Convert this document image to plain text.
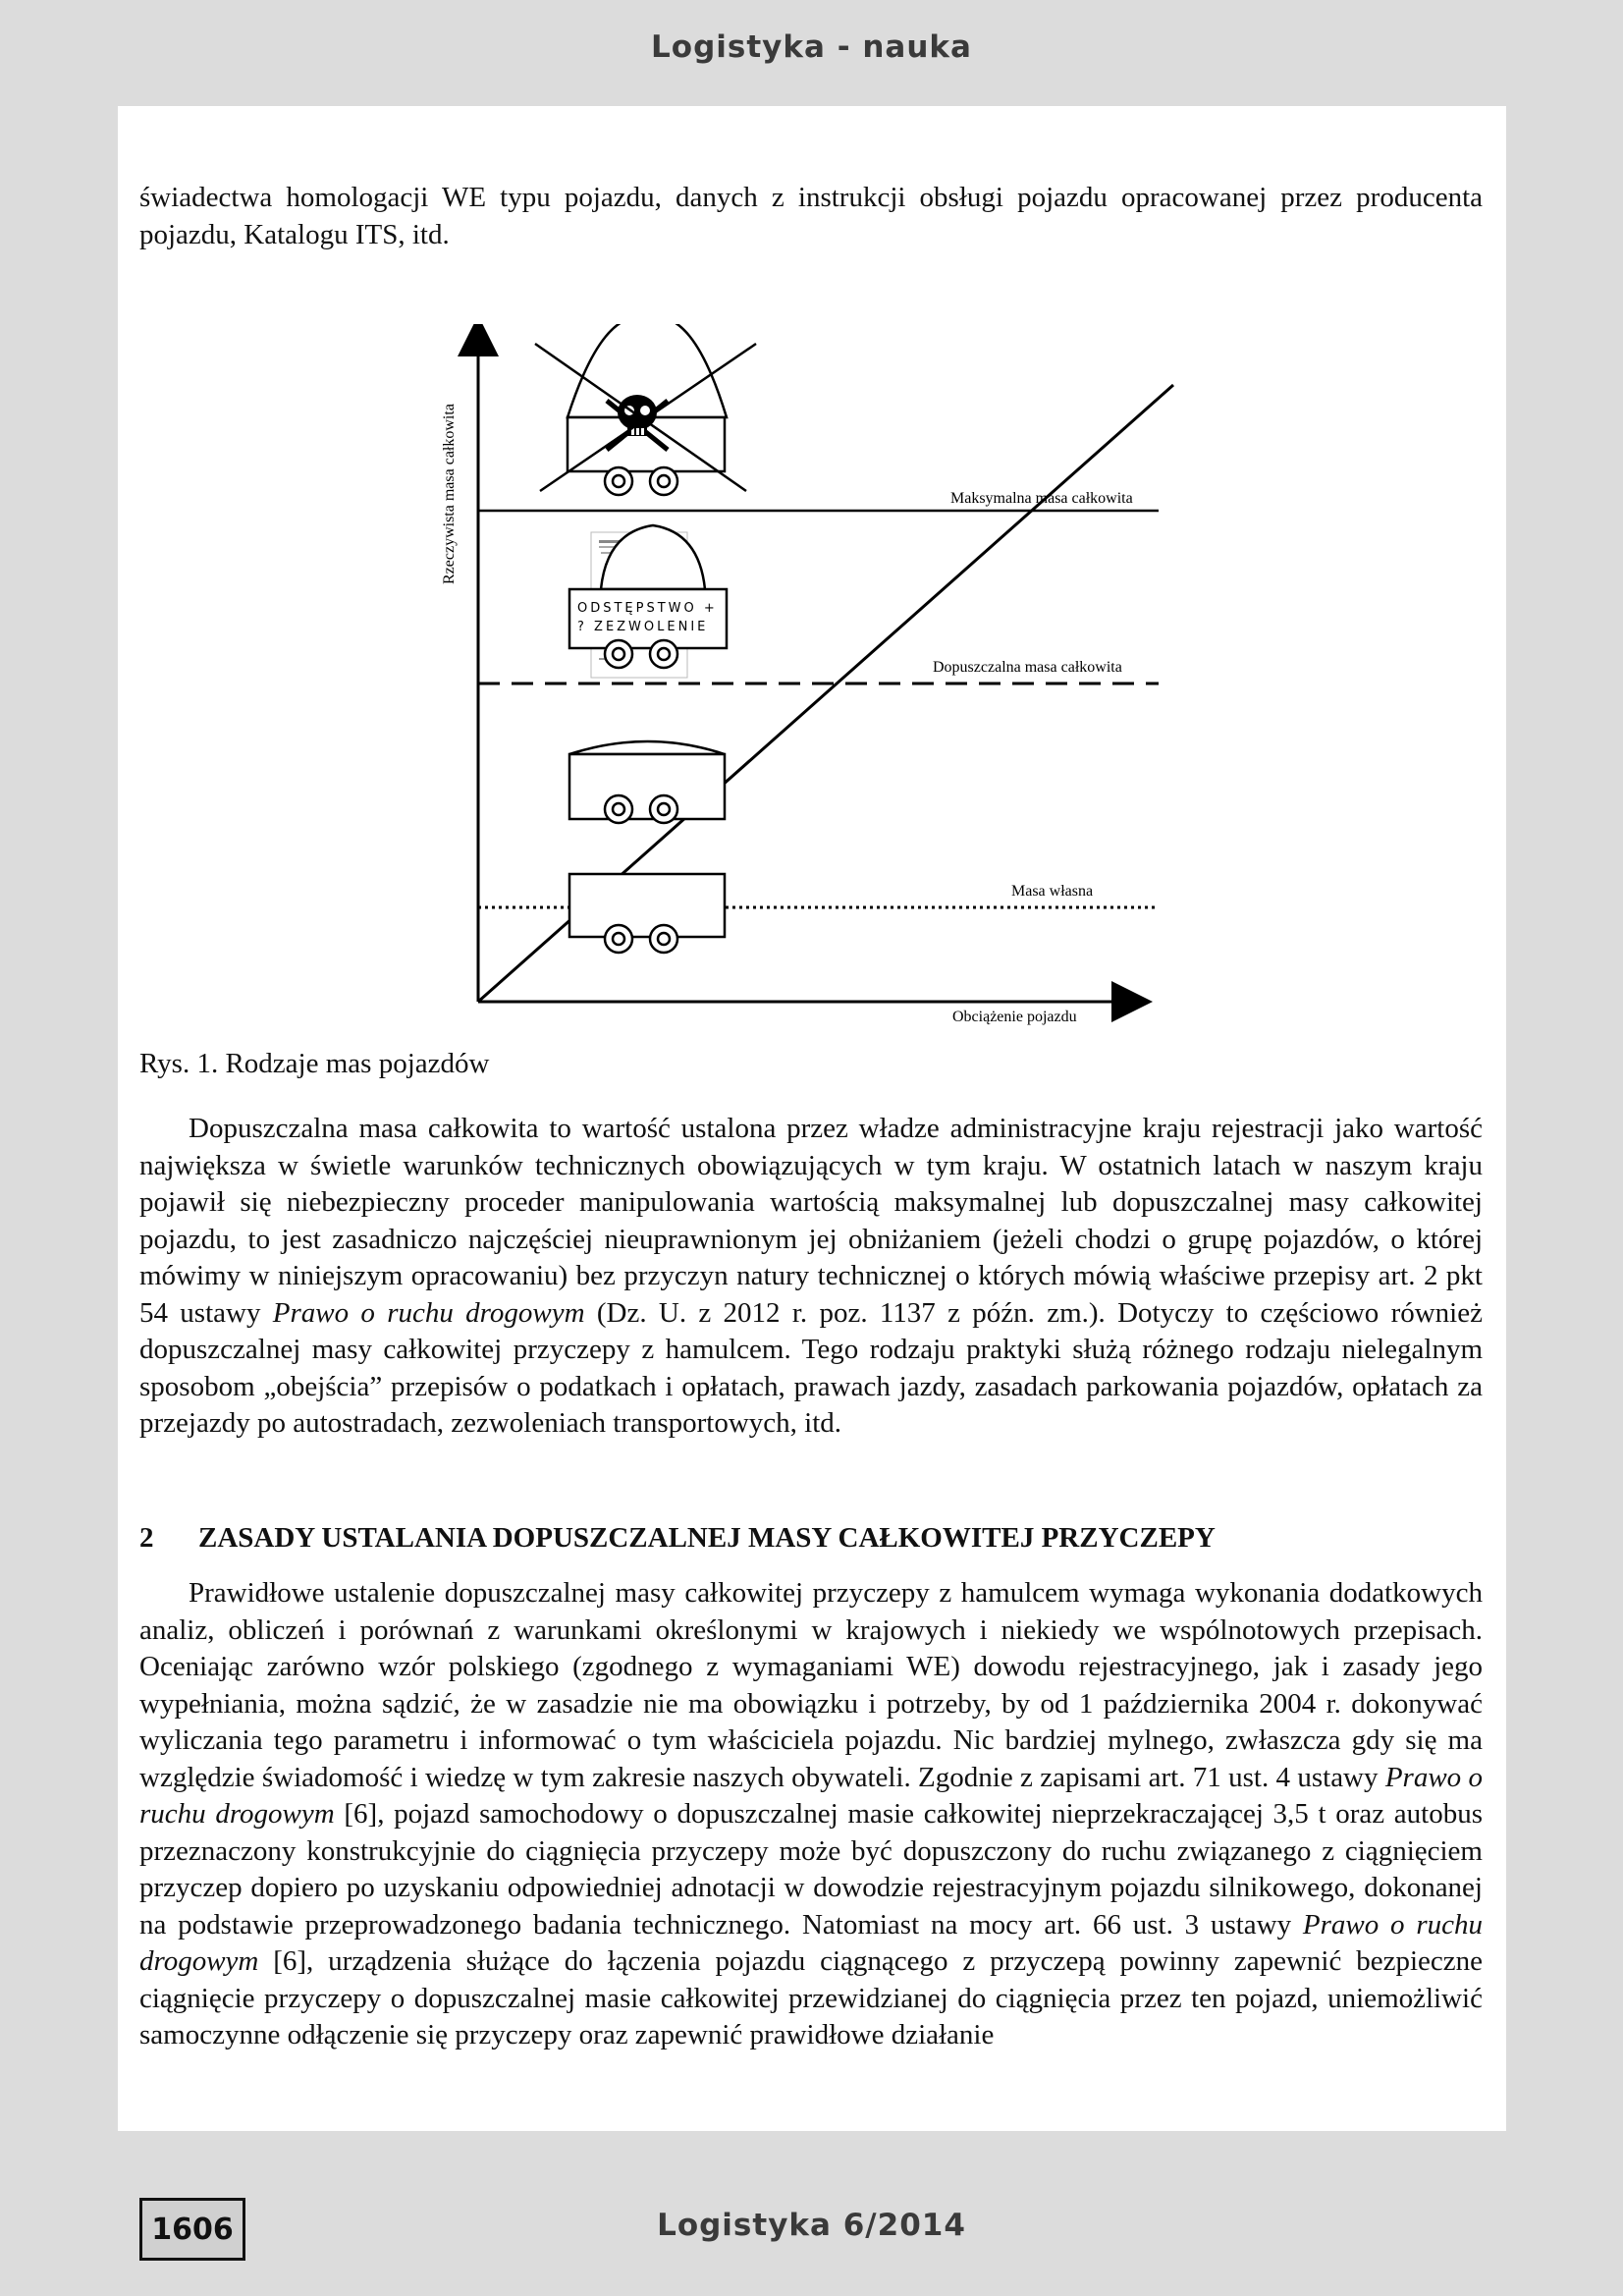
Logistyka - nauka

świadectwa homologacji WE typu pojazdu, danych z instrukcji obsługi pojazdu opracowanej przez producenta pojazdu, Katalogu ITS, itd.

Rzeczywista masa całkowita
Obciążenie pojazdu
Maksymalna masa całkowita
Dopuszczalna masa całkowita
Masa własna
ODSTĘPSTWO +
? ZEZWOLENIE
Rys. 1. Rodzaje mas pojazdów

Dopuszczalna masa całkowita to wartość ustalona przez władze administracyjne kraju rejestracji jako wartość największa w świetle warunków technicznych obowiązujących w tym kraju. W ostatnich latach w naszym kraju pojawił się niebezpieczny proceder manipulowania wartością maksymalnej lub dopuszczalnej masy całkowitej pojazdu, to jest zasadniczo najczęściej nieuprawnionym jej obniżaniem (jeżeli chodzi o grupę pojazdów, o której mówimy w niniejszym opracowaniu) bez przyczyn natury technicznej o których mówią właściwe przepisy art. 2 pkt 54 ustawy Prawo o ruchu drogowym (Dz. U. z 2012 r. poz. 1137 z późn. zm.). Dotyczy to częściowo również dopuszczalnej masy całkowitej przyczepy z hamulcem. Tego rodzaju praktyki służą różnego rodzaju nielegalnym sposobom „obejścia” przepisów o podatkach i opłatach, prawach jazdy, zasadach parkowania pojazdów, opłatach za przejazdy po autostradach, zezwoleniach transportowych, itd.

2 ZASADY USTALANIA DOPUSZCZALNEJ MASY CAŁKOWITEJ PRZYCZEPY

Prawidłowe ustalenie dopuszczalnej masy całkowitej przyczepy z hamulcem wymaga wykonania dodatkowych analiz, obliczeń i porównań z warunkami określonymi w krajowych i niekiedy we wspólnotowych przepisach. Oceniając zarówno wzór polskiego (zgodnego z wymaganiami WE) dowodu rejestracyjnego, jak i zasady jego wypełniania, można sądzić, że w zasadzie nie ma obowiązku i potrzeby, by od 1 października 2004 r. dokonywać wyliczania tego parametru i informować o tym właściciela pojazdu. Nic bardziej mylnego, zwłaszcza gdy się ma względzie świadomość i wiedzę w tym zakresie naszych obywateli. Zgodnie z zapisami art. 71 ust. 4 ustawy Prawo o ruchu drogowym [6], pojazd samochodowy o dopuszczalnej masie całkowitej nieprzekraczającej 3,5 t oraz autobus przeznaczony konstrukcyjnie do ciągnięcia przyczepy może być dopuszczony do ruchu związanego z ciągnięciem przyczep dopiero po uzyskaniu odpowiedniej adnotacji w dowodzie rejestracyjnym pojazdu silnikowego, dokonanej na podstawie przeprowadzonego badania technicznego. Natomiast na mocy art. 66 ust. 3 ustawy Prawo o ruchu drogowym [6], urządzenia służące do łączenia pojazdu ciągnącego z przyczepą powinny zapewnić bezpieczne ciągnięcie przyczepy o dopuszczalnej masie całkowitej przewidzianej do ciągnięcia przez ten pojazd, uniemożliwić samoczynne odłączenie się przyczepy oraz zapewnić prawidłowe działanie

1606	Logistyka 6/2014
